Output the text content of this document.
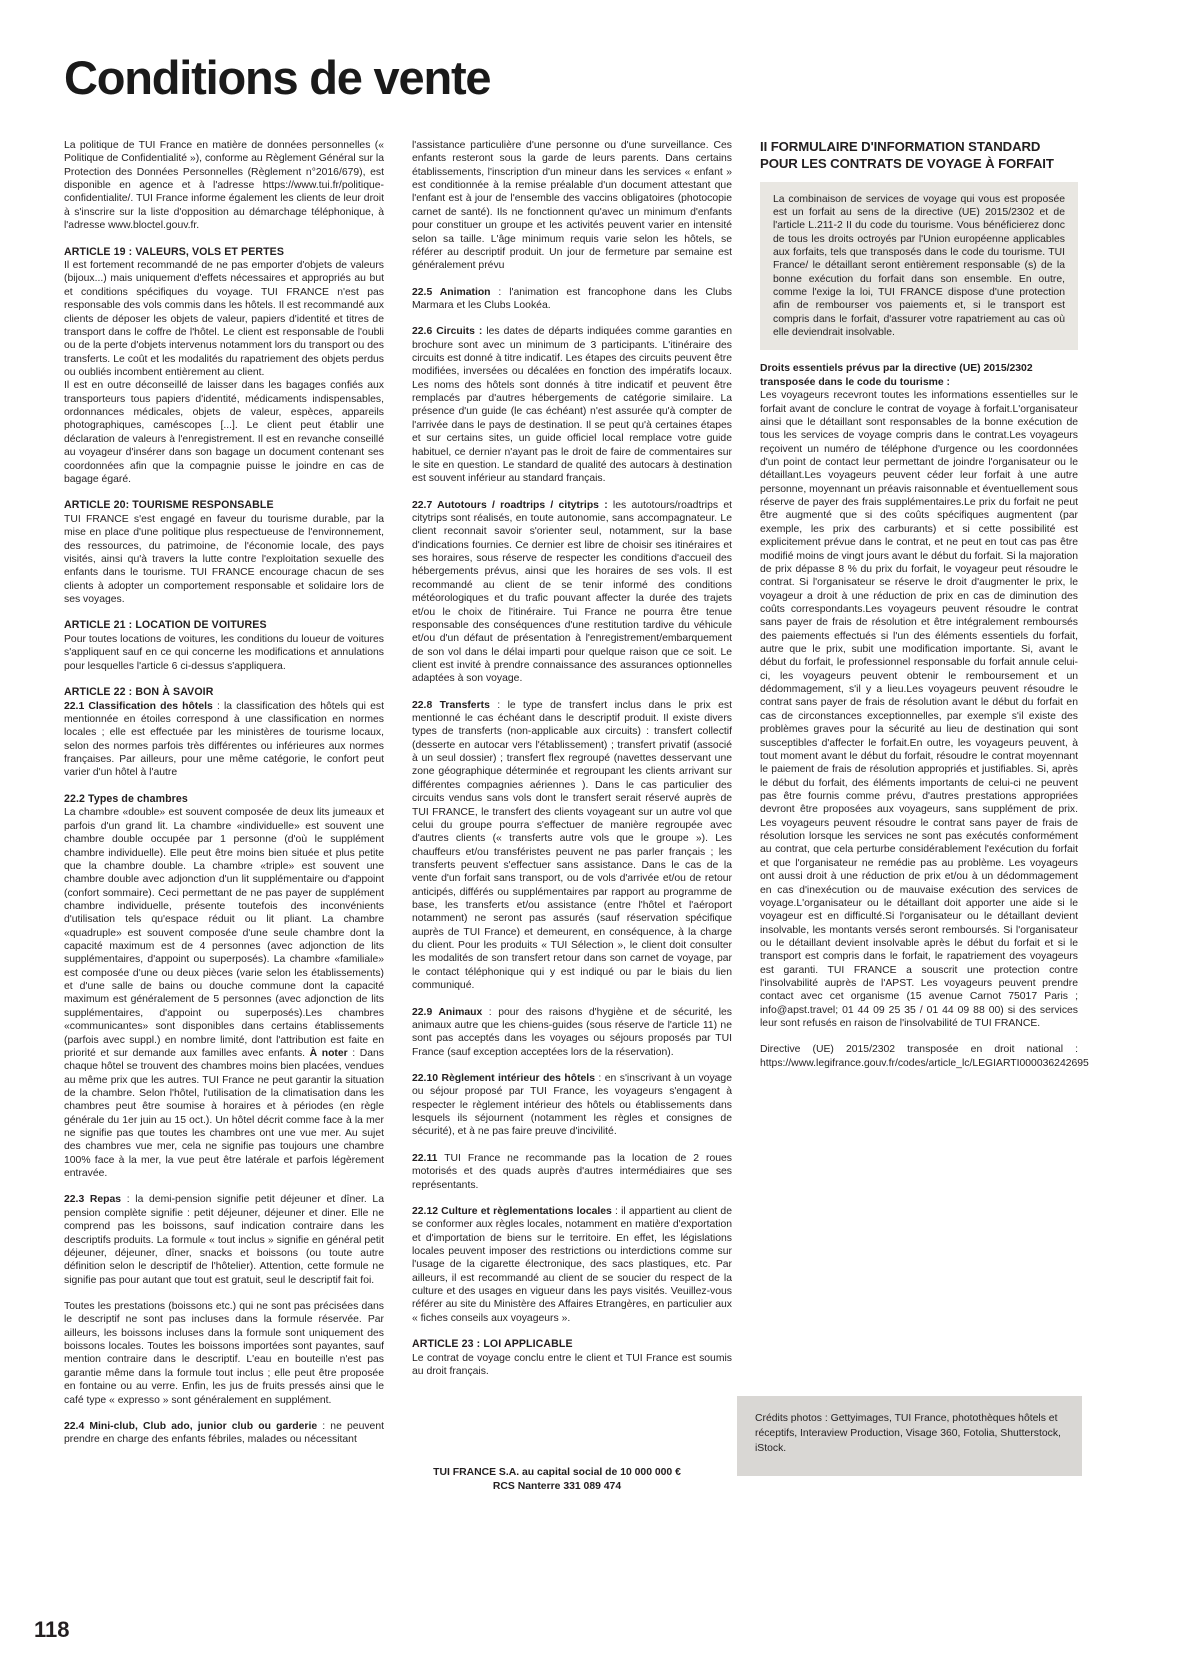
Conditions de vente

La politique de TUI France en matière de données personnelles (« Politique de Confidentialité »), conforme au Règlement Général sur la Protection des Données Personnelles (Règlement n°2016/679), est disponible en agence et à l'adresse https://www.tui.fr/politique-confidentialite/. TUI France informe également les clients de leur droit à s'inscrire sur la liste d'opposition au démarchage téléphonique, à l'adresse www.bloctel.gouv.fr.

ARTICLE 19 : VALEURS, VOLS ET PERTES

Il est fortement recommandé de ne pas emporter d'objets de valeurs (bijoux...) mais uniquement d'effets nécessaires et appropriés au but et conditions spécifiques du voyage. TUI FRANCE n'est pas responsable des vols commis dans les hôtels. Il est recommandé aux clients de déposer les objets de valeur, papiers d'identité et titres de transport dans le coffre de l'hôtel. Le client est responsable de l'oubli ou de la perte d'objets intervenus notamment lors du transport ou des transferts. Le coût et les modalités du rapatriement des objets perdus ou oubliés incombent entièrement au client.

Il est en outre déconseillé de laisser dans les bagages confiés aux transporteurs tous papiers d'identité, médicaments indispensables, ordonnances médicales, objets de valeur, espèces, appareils photographiques, caméscopes [...]. Le client peut établir une déclaration de valeurs à l'enregistrement. Il est en revanche conseillé au voyageur d'insérer dans son bagage un document contenant ses coordonnées afin que la compagnie puisse le joindre en cas de bagage égaré.

ARTICLE 20: TOURISME RESPONSABLE

TUI FRANCE s'est engagé en faveur du tourisme durable, par la mise en place d'une politique plus respectueuse de l'environnement, des ressources, du patrimoine, de l'économie locale, des pays visités, ainsi qu'à travers la lutte contre l'exploitation sexuelle des enfants dans le tourisme. TUI FRANCE encourage chacun de ses clients à adopter un comportement responsable et solidaire lors de ses voyages.

ARTICLE 21 : LOCATION DE VOITURES

Pour toutes locations de voitures, les conditions du loueur de voitures s'appliquent sauf en ce qui concerne les modifications et annulations pour lesquelles l'article 6 ci-dessus s'appliquera.

ARTICLE 22 : BON À SAVOIR

22.1 Classification des hôtels : la classification des hôtels qui est mentionnée en étoiles correspond à une classification en normes locales ; elle est effectuée par les ministères de tourisme locaux, selon des normes parfois très différentes ou inférieures aux normes françaises. Par ailleurs, pour une même catégorie, le confort peut varier d'un hôtel à l'autre

22.2 Types de chambres

La chambre «double» est souvent composée de deux lits jumeaux et parfois d'un grand lit. La chambre «individuelle» est souvent une chambre double occupée par 1 personne (d'où le supplément chambre individuelle). Elle peut être moins bien située et plus petite que la chambre double. La chambre «triple» est souvent une chambre double avec adjonction d'un lit supplémentaire ou d'appoint (confort sommaire). Ceci permettant de ne pas payer de supplément chambre individuelle, présente toutefois des inconvénients d'utilisation tels qu'espace réduit ou lit pliant. La chambre «quadruple» est souvent composée d'une seule chambre dont la capacité maximum est de 4 personnes (avec adjonction de lits supplémentaires, d'appoint ou superposés). La chambre «familiale» est composée d'une ou deux pièces (varie selon les établissements) et d'une salle de bains ou douche commune dont la capacité maximum est généralement de 5 personnes (avec adjonction de lits supplémentaires, d'appoint ou superposés).Les chambres «communicantes» sont disponibles dans certains établissements (parfois avec suppl.) en nombre limité, dont l'attribution est faite en priorité et sur demande aux familles avec enfants. À noter : Dans chaque hôtel se trouvent des chambres moins bien placées, vendues au même prix que les autres. TUI France ne peut garantir la situation de la chambre. Selon l'hôtel, l'utilisation de la climatisation dans les chambres peut être soumise à horaires et à périodes (en règle générale du 1er juin au 15 oct.). Un hôtel décrit comme face à la mer ne signifie pas que toutes les chambres ont une vue mer. Au sujet des chambres vue mer, cela ne signifie pas toujours une chambre 100% face à la mer, la vue peut être latérale et parfois légèrement entravée.

22.3 Repas : la demi-pension signifie petit déjeuner et dîner. La pension complète signifie : petit déjeuner, déjeuner et diner. Elle ne comprend pas les boissons, sauf indication contraire dans les descriptifs produits. La formule « tout inclus » signifie en général petit déjeuner, déjeuner, dîner, snacks et boissons (ou toute autre définition selon le descriptif de l'hôtelier). Attention, cette formule ne signifie pas pour autant que tout est gratuit, seul le descriptif fait foi.

Toutes les prestations (boissons etc.) qui ne sont pas précisées dans le descriptif ne sont pas incluses dans la formule réservée. Par ailleurs, les boissons incluses dans la formule sont uniquement des boissons locales. Toutes les boissons importées sont payantes, sauf mention contraire dans le descriptif. L'eau en bouteille n'est pas garantie même dans la formule tout inclus ; elle peut être proposée en fontaine ou au verre. Enfin, les jus de fruits pressés ainsi que le café type « expresso » sont généralement en supplément.

22.4 Mini-club, Club ado, junior club ou garderie : ne peuvent prendre en charge des enfants fébriles, malades ou nécessitant

l'assistance particulière d'une personne ou d'une surveillance. Ces enfants resteront sous la garde de leurs parents. Dans certains établissements, l'inscription d'un mineur dans les services « enfant » est conditionnée à la remise préalable d'un document attestant que l'enfant est à jour de l'ensemble des vaccins obligatoires (photocopie carnet de santé). Ils ne fonctionnent qu'avec un minimum d'enfants pour constituer un groupe et les activités peuvent varier en intensité selon sa taille. L'âge minimum requis varie selon les hôtels, se référer au descriptif produit. Un jour de fermeture par semaine est généralement prévu

22.5 Animation : l'animation est francophone dans les Clubs Marmara et les Clubs Lookéa.

22.6 Circuits : les dates de départs indiquées comme garanties en brochure sont avec un minimum de 3 participants. L'itinéraire des circuits est donné à titre indicatif. Les étapes des circuits peuvent être modifiées, inversées ou décalées en fonction des impératifs locaux. Les noms des hôtels sont donnés à titre indicatif et peuvent être remplacés par d'autres hébergements de catégorie similaire. La présence d'un guide (le cas échéant) n'est assurée qu'à compter de l'arrivée dans le pays de destination. Il se peut qu'à certaines étapes et sur certains sites, un guide officiel local remplace votre guide habituel, ce dernier n'ayant pas le droit de faire de commentaires sur le site en question. Le standard de qualité des autocars à destination est souvent inférieur au standard français.

22.7 Autotours / roadtrips / citytrips : les autotours/roadtrips et citytrips sont réalisés, en toute autonomie, sans accompagnateur. Le client reconnait savoir s'orienter seul, notamment, sur la base d'indications fournies. Ce dernier est libre de choisir ses itinéraires et ses horaires, sous réserve de respecter les conditions d'accueil des hébergements prévus, ainsi que les horaires de ses vols. Il est recommandé au client de se tenir informé des conditions météorologiques et du trafic pouvant affecter la durée des trajets et/ou le choix de l'itinéraire. Tui France ne pourra être tenue responsable des conséquences d'une restitution tardive du véhicule et/ou d'un défaut de présentation à l'enregistrement/embarquement de son vol dans le délai imparti pour quelque raison que ce soit. Le client est invité à prendre connaissance des assurances optionnelles adaptées à son voyage.

22.8 Transferts : le type de transfert inclus dans le prix est mentionné le cas échéant dans le descriptif produit. Il existe divers types de transferts (non-applicable aux circuits) : transfert collectif (desserte en autocar vers l'établissement) ; transfert privatif (associé à un seul dossier) ; transfert flex regroupé (navettes desservant une zone géographique déterminée et regroupant les clients arrivant sur différentes compagnies aériennes ). Dans le cas particulier des circuits vendus sans vols dont le transfert serait réservé auprès de TUI FRANCE, le transfert des clients voyageant sur un autre vol que celui du groupe pourra s'effectuer de manière regroupée avec d'autres clients (« transferts autre vols que le groupe »). Les chauffeurs et/ou transféristes peuvent ne pas parler français ; les transferts peuvent s'effectuer sans assistance. Dans le cas de la vente d'un forfait sans transport, ou de vols d'arrivée et/ou de retour anticipés, différés ou supplémentaires par rapport au programme de base, les transferts et/ou assistance (entre l'hôtel et l'aéroport notamment) ne seront pas assurés (sauf réservation spécifique auprès de TUI France) et demeurent, en conséquence, à la charge du client. Pour les produits « TUI Sélection », le client doit consulter les modalités de son transfert retour dans son carnet de voyage, par le contact téléphonique qui y est indiqué ou par le biais du lien communiqué.

22.9 Animaux : pour des raisons d'hygiène et de sécurité, les animaux autre que les chiens-guides (sous réserve de l'article 11) ne sont pas acceptés dans les voyages ou séjours proposés par TUI France (sauf exception acceptées lors de la réservation).

22.10 Règlement intérieur des hôtels : en s'inscrivant à un voyage ou séjour proposé par TUI France, les voyageurs s'engagent à respecter le règlement intérieur des hôtels ou établissements dans lesquels ils séjournent (notamment les règles et consignes de sécurité), et à ne pas faire preuve d'incivilité.

22.11 TUI France ne recommande pas la location de 2 roues motorisés et des quads auprès d'autres intermédiaires que ses représentants.

22.12 Culture et règlementations locales : il appartient au client de se conformer aux règles locales, notamment en matière d'exportation et d'importation de biens sur le territoire. En effet, les législations locales peuvent imposer des restrictions ou interdictions comme sur l'usage de la cigarette électronique, des sacs plastiques, etc. Par ailleurs, il est recommandé au client de se soucier du respect de la culture et des usages en vigueur dans les pays visités. Veuillez-vous référer au site du Ministère des Affaires Etrangères, en particulier aux « fiches conseils aux voyageurs ».

ARTICLE 23 : LOI APPLICABLE

Le contrat de voyage conclu entre le client et TUI France est soumis au droit français.

II FORMULAIRE D'INFORMATION STANDARD
POUR LES CONTRATS DE VOYAGE À FORFAIT

La combinaison de services de voyage qui vous est proposée est un forfait au sens de la directive (UE) 2015/2302 et de l'article L.211-2 II du code du tourisme. Vous bénéficierez donc de tous les droits octroyés par l'Union européenne applicables aux forfaits, tels que transposés dans le code du tourisme. TUI France/ le détaillant seront entièrement responsable (s) de la bonne exécution du forfait dans son ensemble. En outre, comme l'exige la loi, TUI FRANCE dispose d'une protection afin de rembourser vos paiements et, si le transport est compris dans le forfait, d'assurer votre rapatriement au cas où elle deviendrait insolvable.

Droits essentiels prévus par la directive (UE) 2015/2302
transposée dans le code du tourisme :

Les voyageurs recevront toutes les informations essentielles sur le forfait avant de conclure le contrat de voyage à forfait.L'organisateur ainsi que le détaillant sont responsables de la bonne exécution de tous les services de voyage compris dans le contrat.Les voyageurs reçoivent un numéro de téléphone d'urgence ou les coordonnées d'un point de contact leur permettant de joindre l'organisateur ou le détaillant.Les voyageurs peuvent céder leur forfait à une autre personne, moyennant un préavis raisonnable et éventuellement sous réserve de payer des frais supplémentaires.Le prix du forfait ne peut être augmenté que si des coûts spécifiques augmentent (par exemple, les prix des carburants) et si cette possibilité est explicitement prévue dans le contrat, et ne peut en tout cas pas être modifié moins de vingt jours avant le début du forfait. Si la majoration de prix dépasse 8 % du prix du forfait, le voyageur peut résoudre le contrat. Si l'organisateur se réserve le droit d'augmenter le prix, le voyageur a droit à une réduction de prix en cas de diminution des coûts correspondants.Les voyageurs peuvent résoudre le contrat sans payer de frais de résolution et être intégralement remboursés des paiements effectués si l'un des éléments essentiels du forfait, autre que le prix, subit une modification importante. Si, avant le début du forfait, le professionnel responsable du forfait annule celui-ci, les voyageurs peuvent obtenir le remboursement et un dédommagement, s'il y a lieu.Les voyageurs peuvent résoudre le contrat sans payer de frais de résolution avant le début du forfait en cas de circonstances exceptionnelles, par exemple s'il existe des problèmes graves pour la sécurité au lieu de destination qui sont susceptibles d'affecter le forfait.En outre, les voyageurs peuvent, à tout moment avant le début du forfait, résoudre le contrat moyennant le paiement de frais de résolution appropriés et justifiables. Si, après le début du forfait, des éléments importants de celui-ci ne peuvent pas être fournis comme prévu, d'autres prestations appropriées devront être proposées aux voyageurs, sans supplément de prix. Les voyageurs peuvent résoudre le contrat sans payer de frais de résolution lorsque les services ne sont pas exécutés conformément au contrat, que cela perturbe considérablement l'exécution du forfait et que l'organisateur ne remédie pas au problème. Les voyageurs ont aussi droit à une réduction de prix et/ou à un dédommagement en cas d'inexécution ou de mauvaise exécution des services de voyage.L'organisateur ou le détaillant doit apporter une aide si le voyageur est en difficulté.Si l'organisateur ou le détaillant devient insolvable, les montants versés seront remboursés. Si l'organisateur ou le détaillant devient insolvable après le début du forfait et si le transport est compris dans le forfait, le rapatriement des voyageurs est garanti. TUI FRANCE a souscrit une protection contre l'insolvabilité auprès de l'APST. Les voyageurs peuvent prendre contact avec cet organisme (15 avenue Carnot 75017 Paris ; info@apst.travel; 01 44 09 25 35 / 01 44 09 88 00) si des services leur sont refusés en raison de l'insolvabilité de TUI FRANCE.

Directive (UE) 2015/2302 transposée en droit national : https://www.legifrance.gouv.fr/codes/article_lc/LEGIARTI000036242695

TUI FRANCE S.A. au capital social de 10 000 000 €
RCS Nanterre 331 089 474
Crédits photos : Gettyimages, TUI France, photothèques hôtels et réceptifs, Interaview Production, Visage 360, Fotolia, Shutterstock, iStock.
118
